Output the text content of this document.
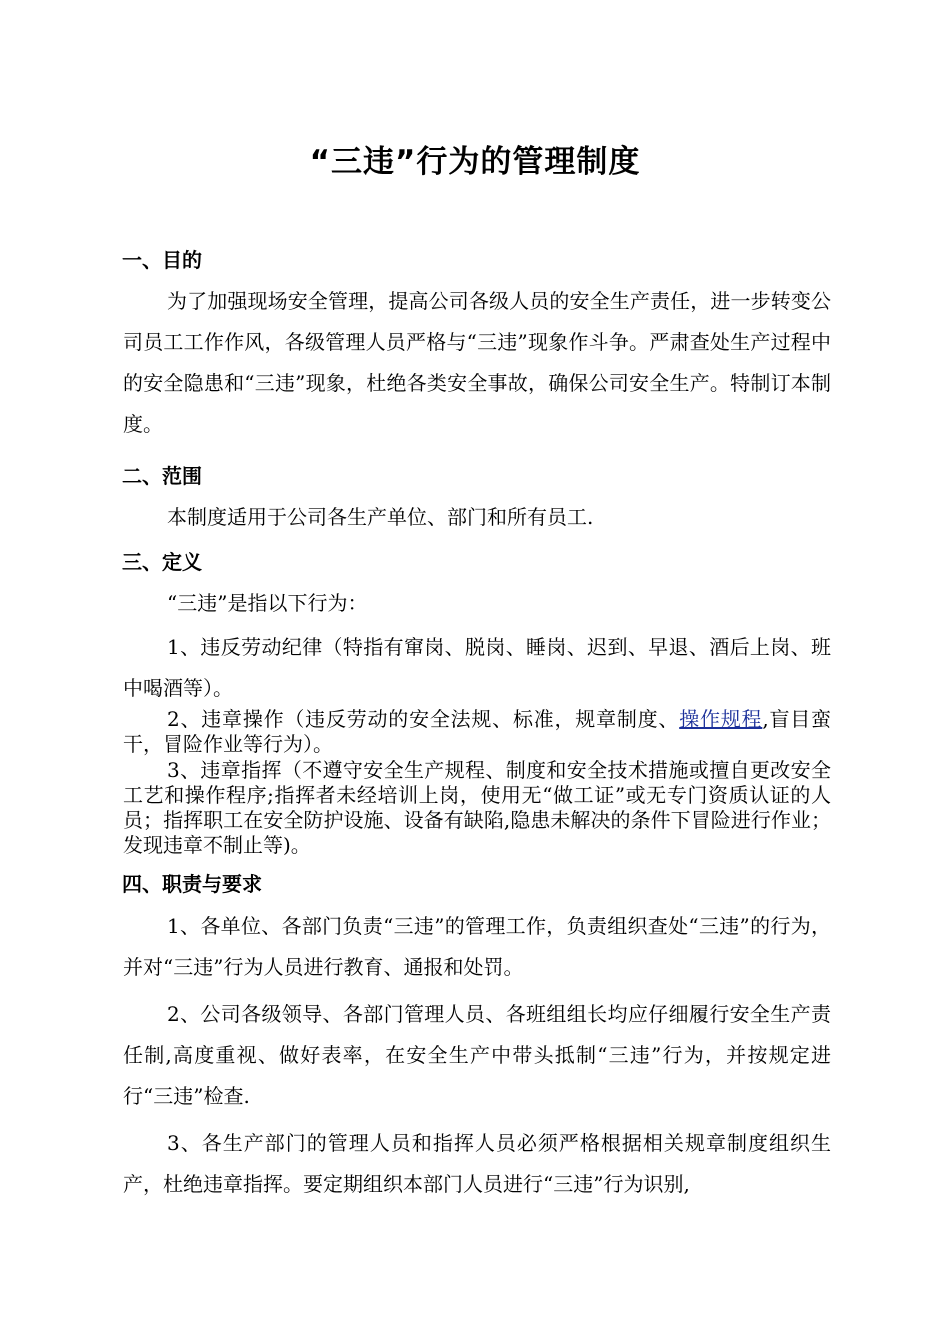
“三违”行为的管理制度
一、目的

为了加强现场安全管理，提高公司各级人员的安全生产责任，进一步转变公司员工工作作风，各级管理人员严格与“三违”现象作斗争。严肃查处生产过程中的安全隐患和“三违”现象，杜绝各类安全事故，确保公司安全生产。特制订本制度。

二、范围

本制度适用于公司各生产单位、部门和所有员工.

三、定义

“三违”是指以下行为：

1、违反劳动纪律（特指有窜岗、脱岗、睡岗、迟到、早退、酒后上岗、班中喝酒等）。

2、违章操作（违反劳动的安全法规、标准，规章制度、操作规程,盲目蛮干，冒险作业等行为）。

3、违章指挥（不遵守安全生产规程、制度和安全技术措施或擅自更改安全工艺和操作程序;指挥者未经培训上岗，使用无“做工证”或无专门资质认证的人员；指挥职工在安全防护设施、设备有缺陷,隐患未解决的条件下冒险进行作业；发现违章不制止等)。

四、职责与要求

1、各单位、各部门负责“三违”的管理工作，负责组织查处“三违”的行为，并对“三违”行为人员进行教育、通报和处罚。

2、公司各级领导、各部门管理人员、各班组组长均应仔细履行安全生产责任制,高度重视、做好表率，在安全生产中带头抵制“三违”行为，并按规定进行“三违”检查.

3、各生产部门的管理人员和指挥人员必须严格根据相关规章制度组织生产，杜绝违章指挥。要定期组织本部门人员进行“三违”行为识别,
